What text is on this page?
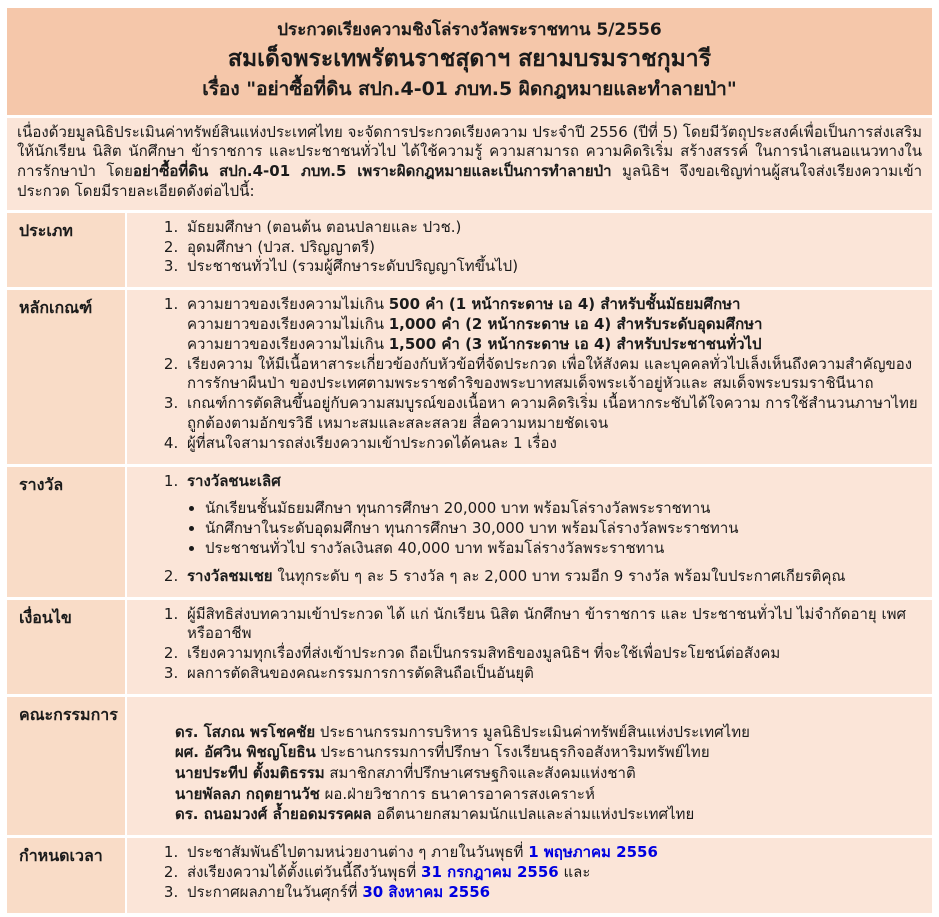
ประกวดเรียงความชิงโล่รางวัลพระราชทาน 5/2556
สมเด็จพระเทพรัตนราชสุดาฯ สยามบรมราชกุมารี
เรื่อง "อย่าซื้อที่ดิน สปก.4-01 ภบท.5 ผิดกฎหมายและทำลายป่า"
เนื่องด้วยมูลนิธิประเมินค่าทรัพย์สินแห่งประเทศไทย จะจัดการประกวดเรียงความ ประจำปี 2556 (ปีที่ 5) โดยมีวัตถุประสงค์เพื่อเป็นการส่งเสริมให้นักเรียน นิสิต นักศึกษา ข้าราชการ และประชาชนทั่วไป ได้ใช้ความรู้ ความสามารถ ความคิดริเริ่ม สร้างสรรค์ ในการนำเสนอแนวทางในการรักษาป่า โดยอย่าซื้อที่ดิน สปก.4-01 ภบท.5 เพราะผิดกฎหมายและเป็นการทำลายป่า มูลนิธิฯ จึงขอเชิญท่านผู้สนใจส่งเรียงความเข้าประกวด โดยมีรายละเอียดดังต่อไปนี้:
ประเภท	1. มัธยมศึกษา (ตอนต้น ตอนปลายและ ปวช.)
2. อุดมศึกษา (ปวส. ปริญญาตรี)
3. ประชาชนทั่วไป (รวมผู้ศึกษาระดับปริญญาโทขึ้นไป)
หลักเกณฑ์	1. ความยาวของเรียงความไม่เกิน 500 คำ (1 หน้ากระดาษ เอ 4) สำหรับชั้นมัธยมศึกษา
ความยาวของเรียงความไม่เกิน 1,000 คำ (2 หน้ากระดาษ เอ 4) สำหรับระดับอุดมศึกษา
ความยาวของเรียงความไม่เกิน 1,500 คำ (3 หน้ากระดาษ เอ 4) สำหรับประชาชนทั่วไป
2. เรียงความ ให้มีเนื้อหาสาระเกี่ยวข้องกับหัวข้อที่จัดประกวด เพื่อให้สังคม และบุคคลทั่วไปเล็งเห็นถึงความสำคัญของการรักษาผืนป่า ของประเทศตามพระราชดำริของพระบาทสมเด็จพระเจ้าอยู่หัวและ สมเด็จพระบรมราชินีนาถ
3. เกณฑ์การตัดสินขึ้นอยู่กับความสมบูรณ์ของเนื้อหา ความคิดริเริ่ม เนื้อหากระชับได้ใจความ การใช้สำนวนภาษาไทย ถูกต้องตามอักขรวิธี เหมาะสมและสละสลวย สื่อความหมายชัดเจน
4. ผู้ที่สนใจสามารถส่งเรียงความเข้าประกวดได้คนละ 1 เรื่อง
รางวัล	1. รางวัลชนะเลิศ
• นักเรียนชั้นมัธยมศึกษา ทุนการศึกษา 20,000 บาท พร้อมโล่รางวัลพระราชทาน
• นักศึกษาในระดับอุดมศึกษา ทุนการศึกษา 30,000 บาท พร้อมโล่รางวัลพระราชทาน
• ประชาชนทั่วไป รางวัลเงินสด 40,000 บาท พร้อมโล่รางวัลพระราชทาน
2. รางวัลชมเชย ในทุกระดับ ๆ ละ 5 รางวัล ๆ ละ 2,000 บาท รวมอีก 9 รางวัล พร้อมใบประกาศเกียรติคุณ
เงื่อนไข	1. ผู้มีสิทธิส่งบทความเข้าประกวด ได้ แก่ นักเรียน นิสิต นักศึกษา ข้าราชการ และ ประชาชนทั่วไป ไม่จำกัดอายุ เพศหรืออาชีพ
2. เรียงความทุกเรื่องที่ส่งเข้าประกวด ถือเป็นกรรมสิทธิของมูลนิธิฯ ที่จะใช้เพื่อประโยชน์ต่อสังคม
3. ผลการตัดสินของคณะกรรมการการตัดสินถือเป็นอันยุติ
คณะกรรมการ
ดร. โสภณ พรโชคชัย ประธานกรรมการบริหาร มูลนิธิประเมินค่าทรัพย์สินแห่งประเทศไทย
ผศ. อัศวิน พิชญโยธิน ประธานกรรมการที่ปรึกษา โรงเรียนธุรกิจอสังหาริมทรัพย์ไทย
นายประทีป ตั้งมติธรรม สมาชิกสภาที่ปรึกษาเศรษฐกิจและสังคมแห่งชาติ
นายพัลลภ กฤตยานวัช ผอ.ฝ่ายวิชาการ ธนาคารอาคารสงเคราะห์
ดร. ถนอมวงศ์ ล้ำยอดมรรคผล อดีตนายกสมาคมนักแปลและล่ามแห่งประเทศไทย
กำหนดเวลา	1. ประชาสัมพันธ์ไปตามหน่วยงานต่าง ๆ ภายในวันพุธที่ 1 พฤษภาคม 2556
2. ส่งเรียงความได้ตั้งแต่วันนี้ถึงวันพุธที่ 31 กรกฎาคม 2556 และ
3. ประกาศผลภายในวันศุกร์ที่ 30 สิงหาคม 2556
